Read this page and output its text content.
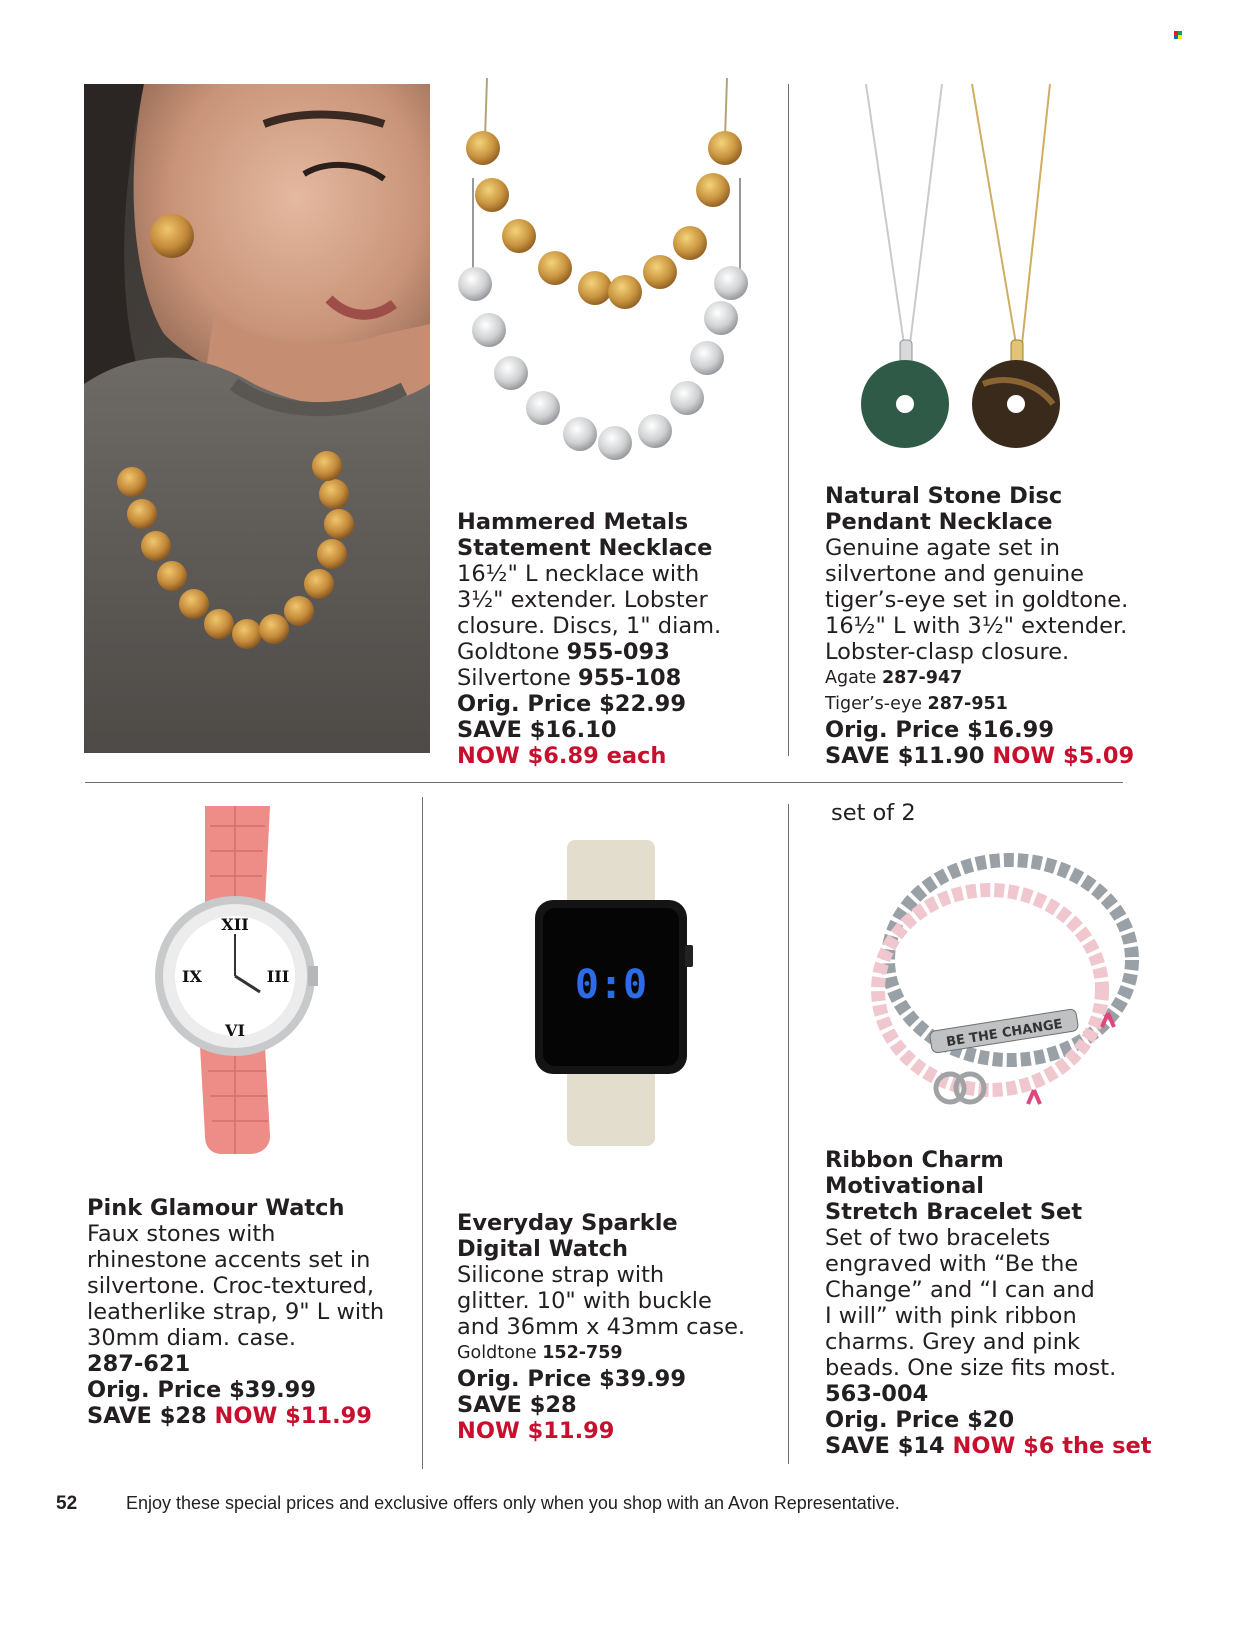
Hammered Metals
Statement Necklace
16½" L necklace with
3½" extender. Lobster
closure. Discs, 1" diam.
Goldtone 955-093
Silvertone 955-108
Orig. Price $22.99
SAVE $16.10
NOW $6.89 each
Natural Stone Disc
Pendant Necklace
Genuine agate set in
silvertone and genuine
tiger’s-eye set in goldtone.
16½" L with 3½" extender.
Lobster-clasp closure.
Agate 287-947
Tiger’s-eye 287-951
Orig. Price $16.99
SAVE $11.90 NOW $5.09
XII
III
VI
IX	0:0
BE THE CHANGE
set of 2
Pink Glamour Watch
Faux stones with
rhinestone accents set in
silvertone. Croc-textured,
leatherlike strap, 9" L with
30mm diam. case.
287-621
Orig. Price $39.99
SAVE $28 NOW $11.99
Everyday Sparkle
Digital Watch
Silicone strap with
glitter. 10" with buckle
and 36mm x 43mm case.
Goldtone 152-759
Orig. Price $39.99
SAVE $28
NOW $11.99
Ribbon Charm Motivational
Stretch Bracelet Set
Set of two bracelets
engraved with “Be the
Change” and “I can and
I will” with pink ribbon
charms. Grey and pink
beads. One size fits most.
563-004
Orig. Price $20
SAVE $14 NOW $6 the set
52	Enjoy these special prices and exclusive offers only when you shop with an Avon Representative.
